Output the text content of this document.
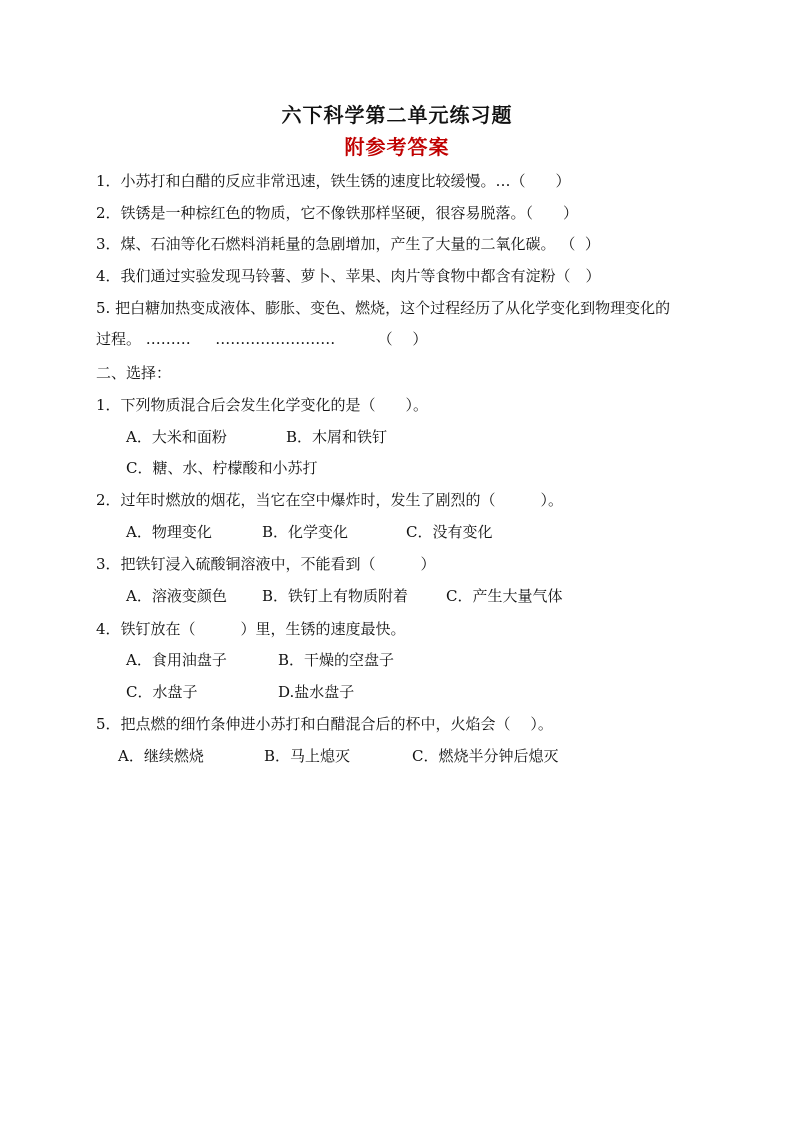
六下科学第二单元练习题
附参考答案
1．小苏打和白醋的反应非常迅速，铁生锈的速度比较缓慢。…（　　）
2．铁锈是一种棕红色的物质，它不像铁那样坚硬，很容易脱落。（　　）
3．煤、石油等化石燃料消耗量的急剧增加，产生了大量的二氧化碳。 （  ）
4．我们通过实验发现马铃薯、萝卜、苹果、肉片等食物中都含有淀粉（　）
5. 把白糖加热变成液体、膨胀、变色、燃烧，这个过程经历了从化学变化到物理变化的
过程。 ………　  …………………… 　　　（　 ）
二、选择：
1．下列物质混合后会发生化学变化的是（　　）。
A．大米和面粉	B．木屑和铁钉
C．糖、水、柠檬酸和小苏打
2．过年时燃放的烟花，当它在空中爆炸时，发生了剧烈的（　　　）。
A．物理变化	B．化学变化	C．没有变化
3．把铁钉浸入硫酸铜溶液中，不能看到（　　　）
A．溶液变颜色 B．铁钉上有物质附着	C．产生大量气体
4．铁钉放在（　　　）里，生锈的速度最快。
A．食用油盘子	B．干燥的空盘子
C．水盘子	D.盐水盘子
5．把点燃的细竹条伸进小苏打和白醋混合后的杯中，火焰会（　 ）。
A．继续燃烧	B．马上熄灭	C．燃烧半分钟后熄灭
